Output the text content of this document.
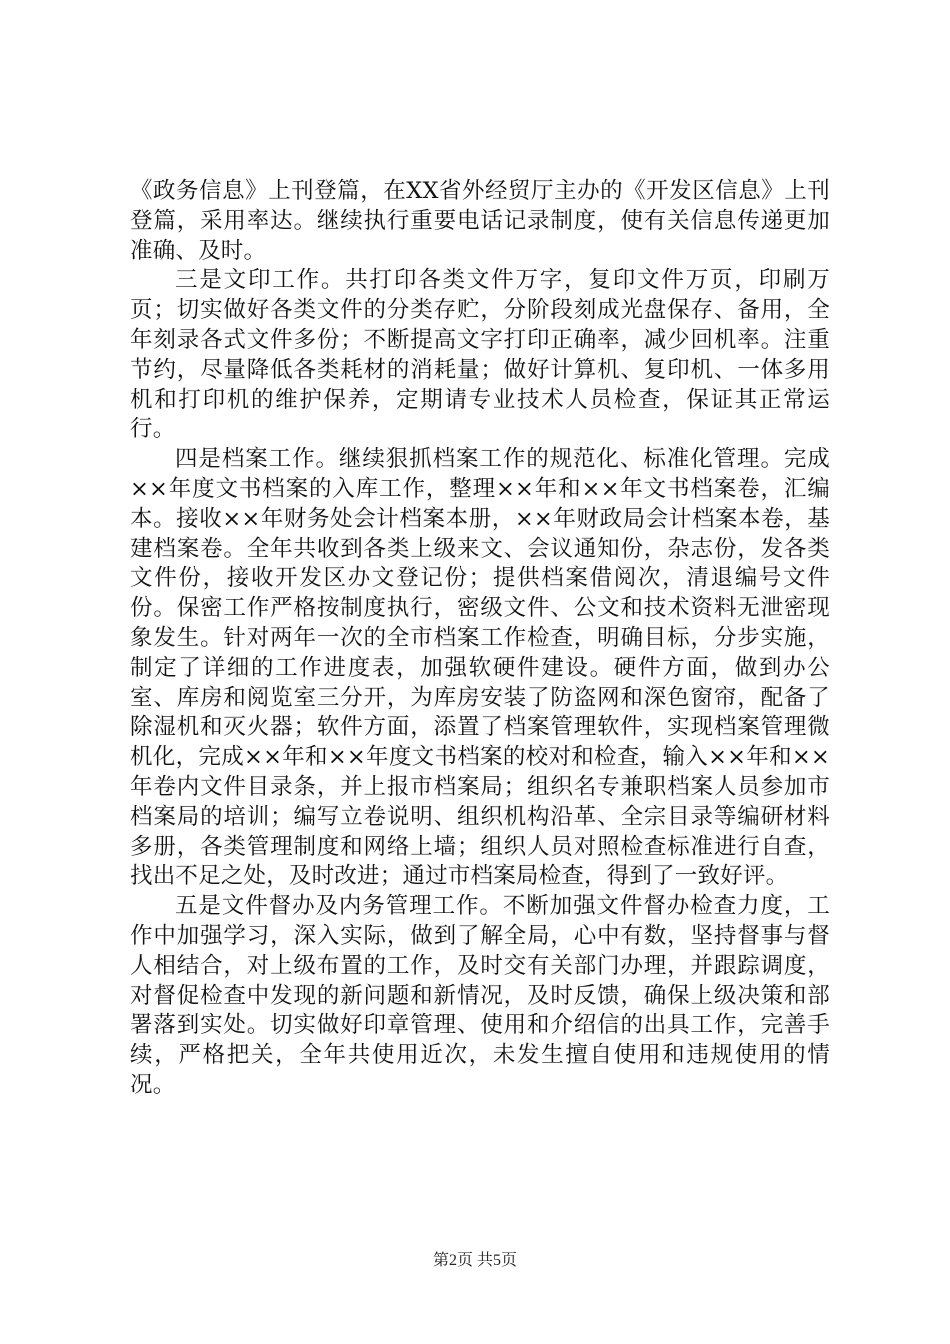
《政务信息》上刊登篇，在XX省外经贸厅主办的《开发区信息》上刊登篇，采用率达。继续执行重要电话记录制度，使有关信息传递更加准确、及时。

三是文印工作。共打印各类文件万字，复印文件万页，印刷万页；切实做好各类文件的分类存贮，分阶段刻成光盘保存、备用，全年刻录各式文件多份；不断提高文字打印正确率，减少回机率。注重节约，尽量降低各类耗材的消耗量；做好计算机、复印机、一体多用机和打印机的维护保养，定期请专业技术人员检查，保证其正常运行。

四是档案工作。继续狠抓档案工作的规范化、标准化管理。完成××年度文书档案的入库工作，整理××年和××年文书档案卷，汇编本。接收××年财务处会计档案本册，××年财政局会计档案本卷，基建档案卷。全年共收到各类上级来文、会议通知份，杂志份，发各类文件份，接收开发区办文登记份；提供档案借阅次，清退编号文件份。保密工作严格按制度执行，密级文件、公文和技术资料无泄密现象发生。针对两年一次的全市档案工作检查，明确目标，分步实施，制定了详细的工作进度表，加强软硬件建设。硬件方面，做到办公室、库房和阅览室三分开，为库房安装了防盗网和深色窗帘，配备了除湿机和灭火器；软件方面，添置了档案管理软件，实现档案管理微机化，完成××年和××年度文书档案的校对和检查，输入××年和××年卷内文件目录条，并上报市档案局；组织名专兼职档案人员参加市档案局的培训；编写立卷说明、组织机构沿革、全宗目录等编研材料多册，各类管理制度和网络上墙；组织人员对照检查标准进行自查，找出不足之处，及时改进；通过市档案局检查，得到了一致好评。

五是文件督办及内务管理工作。不断加强文件督办检查力度，工作中加强学习，深入实际，做到了解全局，心中有数，坚持督事与督人相结合，对上级布置的工作，及时交有关部门办理，并跟踪调度，对督促检查中发现的新问题和新情况，及时反馈，确保上级决策和部署落到实处。切实做好印章管理、使用和介绍信的出具工作，完善手续，严格把关，全年共使用近次，未发生擅自使用和违规使用的情况。

第2页 共5页
